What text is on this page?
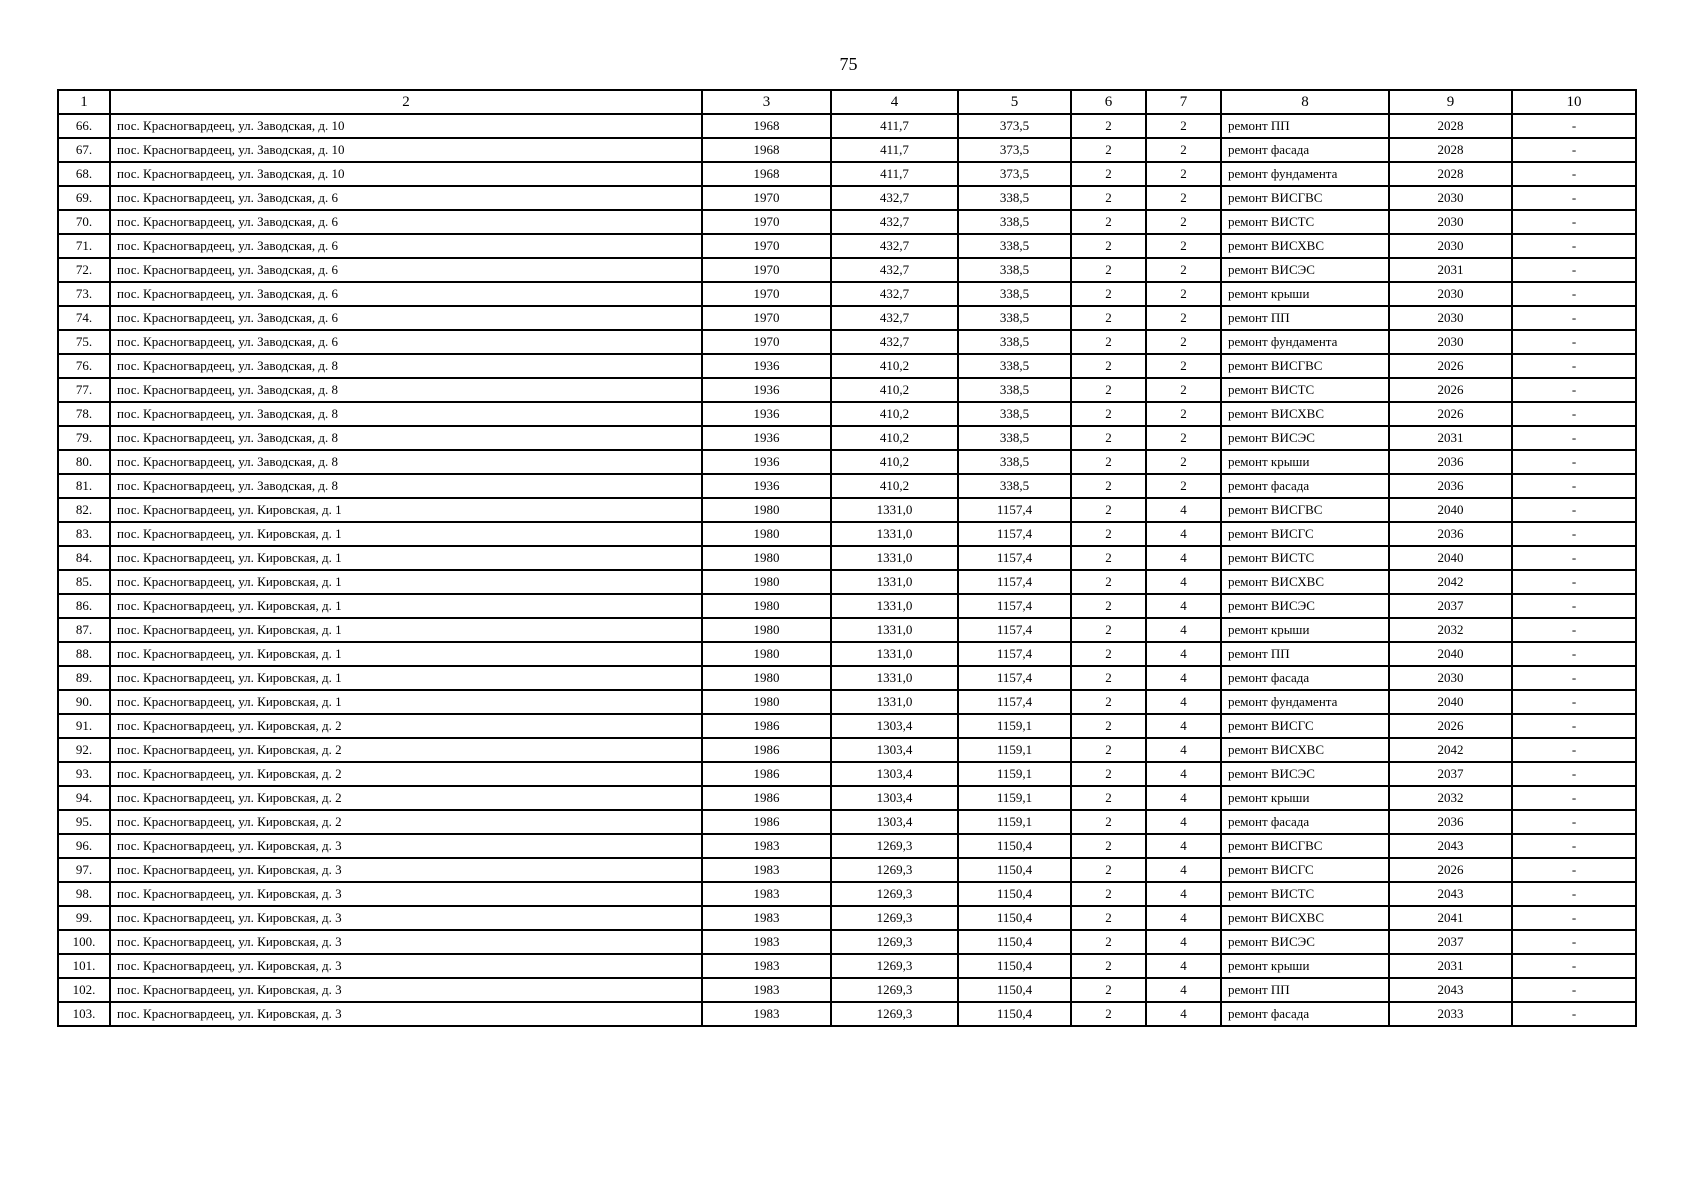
75
1	2	3	4	5	6	7	8	9	10
66.	пос. Красногвардеец, ул. Заводская, д. 10	1968	411,7	373,5	2	2	ремонт ПП	2028	-
67.	пос. Красногвардеец, ул. Заводская, д. 10	1968	411,7	373,5	2	2	ремонт фасада	2028	-
68.	пос. Красногвардеец, ул. Заводская, д. 10	1968	411,7	373,5	2	2	ремонт фундамента	2028	-
69.	пос. Красногвардеец, ул. Заводская, д. 6	1970	432,7	338,5	2	2	ремонт ВИСГВС	2030	-
70.	пос. Красногвардеец, ул. Заводская, д. 6	1970	432,7	338,5	2	2	ремонт ВИСТС	2030	-
71.	пос. Красногвардеец, ул. Заводская, д. 6	1970	432,7	338,5	2	2	ремонт ВИСХВС	2030	-
72.	пос. Красногвардеец, ул. Заводская, д. 6	1970	432,7	338,5	2	2	ремонт ВИСЭС	2031	-
73.	пос. Красногвардеец, ул. Заводская, д. 6	1970	432,7	338,5	2	2	ремонт крыши	2030	-
74.	пос. Красногвардеец, ул. Заводская, д. 6	1970	432,7	338,5	2	2	ремонт ПП	2030	-
75.	пос. Красногвардеец, ул. Заводская, д. 6	1970	432,7	338,5	2	2	ремонт фундамента	2030	-
76.	пос. Красногвардеец, ул. Заводская, д. 8	1936	410,2	338,5	2	2	ремонт ВИСГВС	2026	-
77.	пос. Красногвардеец, ул. Заводская, д. 8	1936	410,2	338,5	2	2	ремонт ВИСТС	2026	-
78.	пос. Красногвардеец, ул. Заводская, д. 8	1936	410,2	338,5	2	2	ремонт ВИСХВС	2026	-
79.	пос. Красногвардеец, ул. Заводская, д. 8	1936	410,2	338,5	2	2	ремонт ВИСЭС	2031	-
80.	пос. Красногвардеец, ул. Заводская, д. 8	1936	410,2	338,5	2	2	ремонт крыши	2036	-
81.	пос. Красногвардеец, ул. Заводская, д. 8	1936	410,2	338,5	2	2	ремонт фасада	2036	-
82.	пос. Красногвардеец, ул. Кировская, д. 1	1980	1331,0	1157,4	2	4	ремонт ВИСГВС	2040	-
83.	пос. Красногвардеец, ул. Кировская, д. 1	1980	1331,0	1157,4	2	4	ремонт ВИСГС	2036	-
84.	пос. Красногвардеец, ул. Кировская, д. 1	1980	1331,0	1157,4	2	4	ремонт ВИСТС	2040	-
85.	пос. Красногвардеец, ул. Кировская, д. 1	1980	1331,0	1157,4	2	4	ремонт ВИСХВС	2042	-
86.	пос. Красногвардеец, ул. Кировская, д. 1	1980	1331,0	1157,4	2	4	ремонт ВИСЭС	2037	-
87.	пос. Красногвардеец, ул. Кировская, д. 1	1980	1331,0	1157,4	2	4	ремонт крыши	2032	-
88.	пос. Красногвардеец, ул. Кировская, д. 1	1980	1331,0	1157,4	2	4	ремонт ПП	2040	-
89.	пос. Красногвардеец, ул. Кировская, д. 1	1980	1331,0	1157,4	2	4	ремонт фасада	2030	-
90.	пос. Красногвардеец, ул. Кировская, д. 1	1980	1331,0	1157,4	2	4	ремонт фундамента	2040	-
91.	пос. Красногвардеец, ул. Кировская, д. 2	1986	1303,4	1159,1	2	4	ремонт ВИСГС	2026	-
92.	пос. Красногвардеец, ул. Кировская, д. 2	1986	1303,4	1159,1	2	4	ремонт ВИСХВС	2042	-
93.	пос. Красногвардеец, ул. Кировская, д. 2	1986	1303,4	1159,1	2	4	ремонт ВИСЭС	2037	-
94.	пос. Красногвардеец, ул. Кировская, д. 2	1986	1303,4	1159,1	2	4	ремонт крыши	2032	-
95.	пос. Красногвардеец, ул. Кировская, д. 2	1986	1303,4	1159,1	2	4	ремонт фасада	2036	-
96.	пос. Красногвардеец, ул. Кировская, д. 3	1983	1269,3	1150,4	2	4	ремонт ВИСГВС	2043	-
97.	пос. Красногвардеец, ул. Кировская, д. 3	1983	1269,3	1150,4	2	4	ремонт ВИСГС	2026	-
98.	пос. Красногвардеец, ул. Кировская, д. 3	1983	1269,3	1150,4	2	4	ремонт ВИСТС	2043	-
99.	пос. Красногвардеец, ул. Кировская, д. 3	1983	1269,3	1150,4	2	4	ремонт ВИСХВС	2041	-
100.	пос. Красногвардеец, ул. Кировская, д. 3	1983	1269,3	1150,4	2	4	ремонт ВИСЭС	2037	-
101.	пос. Красногвардеец, ул. Кировская, д. 3	1983	1269,3	1150,4	2	4	ремонт крыши	2031	-
102.	пос. Красногвардеец, ул. Кировская, д. 3	1983	1269,3	1150,4	2	4	ремонт ПП	2043	-
103.	пос. Красногвардеец, ул. Кировская, д. 3	1983	1269,3	1150,4	2	4	ремонт фасада	2033	-
